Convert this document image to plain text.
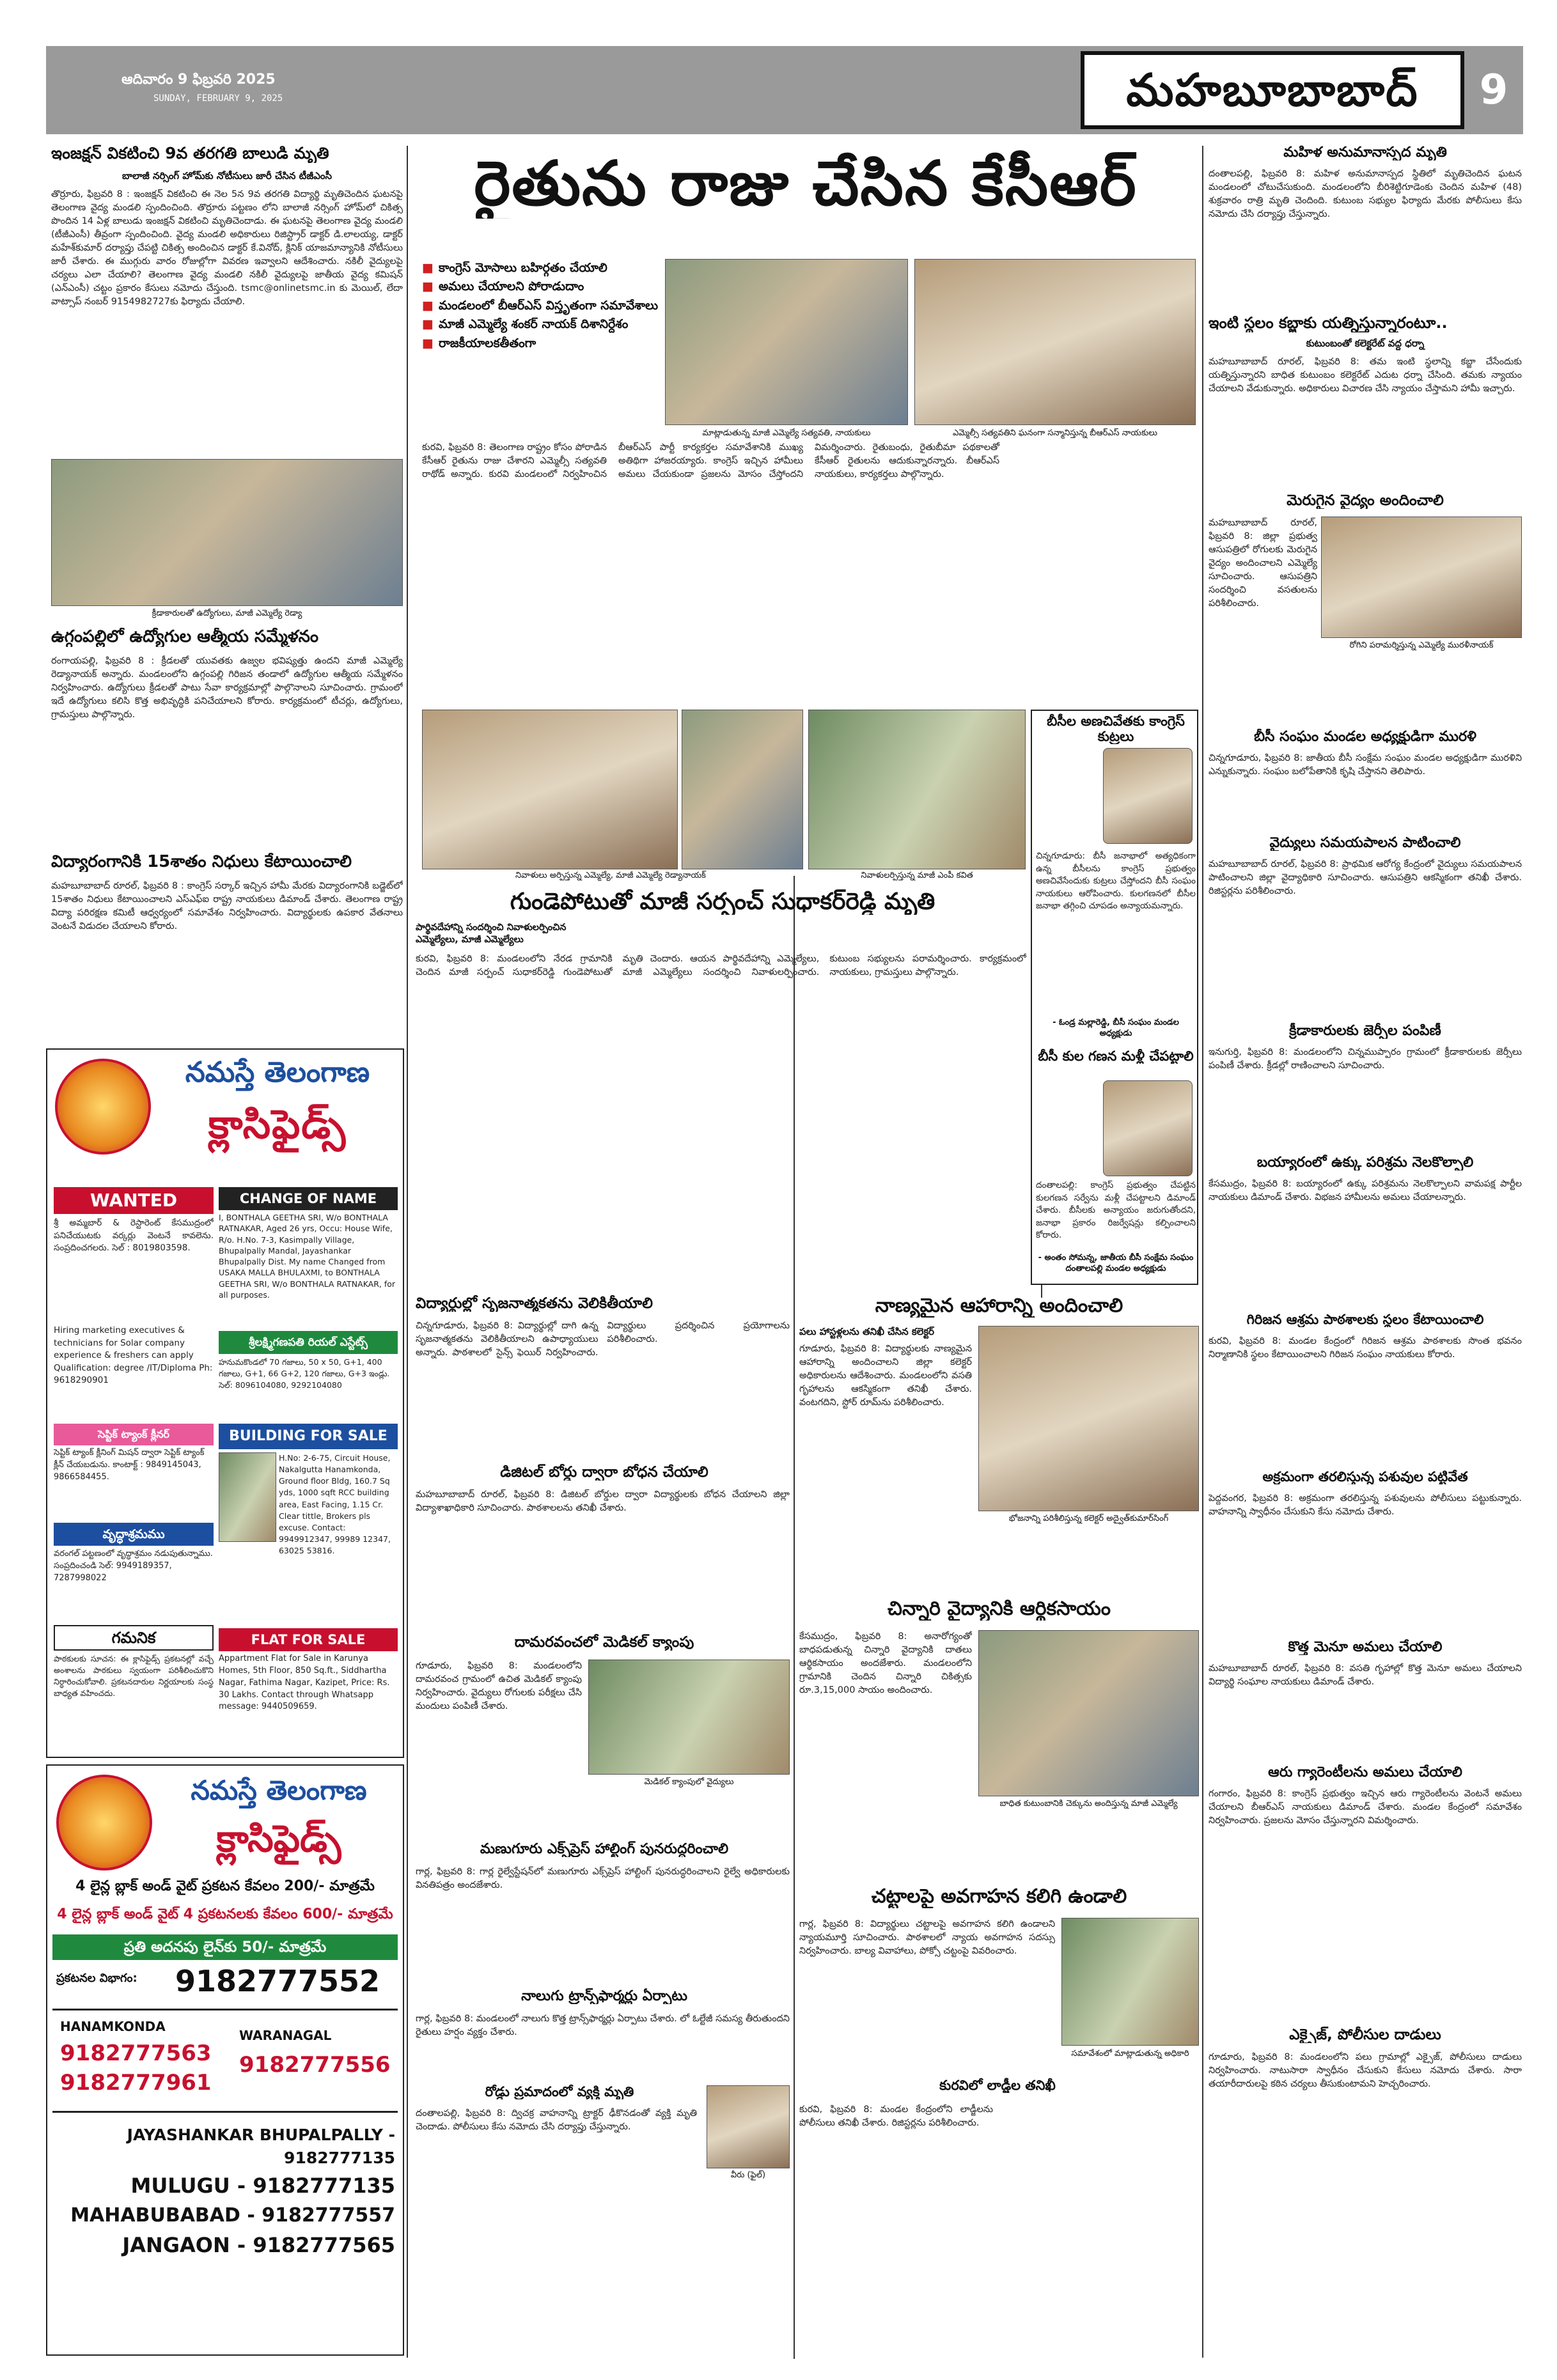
ఆదివారం 9 ఫిబ్రవరి 2025
SUNDAY, FEBRUARY 9, 2025	మహబూబాబాద్	9
ఇంజక్షన్ వికటించి 9వ తరగతి బాలుడి మృతి
బాలాజీ నర్సింగ్ హోమ్‌కు నోటీసులు జారీ చేసిన టీజీఎంసీ
తొర్రూరు, ఫిబ్రవరి 8 : ఇంజక్షన్ వికటించి ఈ నెల 5న 9వ తరగతి విద్యార్థి మృతిచెందిన ఘటనపై తెలంగాణ వైద్య మండలి స్పందించింది. తొర్రూరు పట్టణం లోని బాలాజీ నర్సింగ్ హోమ్‌లో చికిత్స పొందిన 14 ఏళ్ల బాలుడు ఇంజక్షన్ వికటించి మృతిచెందాడు. ఈ ఘటనపై తెలంగాణ వైద్య మండలి (టీజీఎంసీ) తీవ్రంగా స్పందించింది. వైద్య మండలి అధికారులు రిజిస్ట్రార్ డాక్టర్ డి.లాలయ్య, డాక్టర్ మహేశ్‌కుమార్ దర్యాప్తు చేపట్టి చికిత్స అందించిన డాక్టర్ కే.వినోద్, క్లినిక్ యాజమాన్యానికి నోటీసులు జారీ చేశారు. ఈ ముగ్గురు వారం రోజుల్లోగా వివరణ ఇవ్వాలని ఆదేశించారు. నకిలీ వైద్యులపై చర్యలు ఎలా చేయాలి? తెలంగాణ వైద్య మండలి నకిలీ వైద్యులపై జాతీయ వైద్య కమిషన్ (ఎన్‌ఎంసీ) చట్టం ప్రకారం కేసులు నమోదు చేస్తుంది. tsmc@onlinetsmc.in కు మెయిల్, లేదా వాట్సాప్ నంబర్ 9154982727కు ఫిర్యాదు చేయాలి.
క్రీడాకారులతో ఉద్యోగులు, మాజీ ఎమ్మెల్యే రెడ్యా
ఉగ్గంపల్లిలో ఉద్యోగుల ఆత్మీయ సమ్మేళనం
రంగాయపల్లి, ఫిబ్రవరి 8 : క్రీడలతో యువతకు ఉజ్వల భవిష్యత్తు ఉందని మాజీ ఎమ్మెల్యే రెడ్యానాయక్ అన్నారు. మండలంలోని ఉగ్గంపల్లి గిరిజన తండాలో ఉద్యోగుల ఆత్మీయ సమ్మేళనం నిర్వహించారు. ఉద్యోగులు క్రీడలతో పాటు సేవా కార్యక్రమాల్లో పాల్గొనాలని సూచించారు. గ్రామంలో ఇదే ఉద్యోగులు కలిసి కొత్త అభివృద్ధికి పనిచేయాలని కోరారు. కార్యక్రమంలో టీచర్లు, ఉద్యోగులు, గ్రామస్తులు పాల్గొన్నారు.
విద్యారంగానికి 15శాతం నిధులు కేటాయించాలి
మహబూబాబాద్ రూరల్, ఫిబ్రవరి 8 : కాంగ్రెస్ సర్కార్ ఇచ్చిన హామీ మేరకు విద్యారంగానికి బడ్జెట్‌లో 15శాతం నిధులు కేటాయించాలని ఎస్‌ఎఫ్‌ఐ రాష్ట్ర నాయకులు డిమాండ్ చేశారు. తెలంగాణ రాష్ట్ర విద్యా పరిరక్షణ కమిటీ ఆధ్వర్యంలో సమావేశం నిర్వహించారు. విద్యార్థులకు ఉపకార వేతనాలు వెంటనే విడుదల చేయాలని కోరారు.
నమస్తే తెలంగాణ
క్లాసిఫైడ్స్
WANTED
శ్రీ అమ్మబార్ & రెస్టారెంట్ కేసముద్రంలో పనిచేయుటకు వర్కర్లు వెంటనే కావలెను. సంప్రదించగలరు. సెల్ : 8019803598.
Hiring marketing executives & technicians for Solar company experience & freshers can apply Qualification: degree /IT/Diploma Ph: 9618290901
CHANGE OF NAME
I, BONTHALA GEETHA SRI, W/o BONTHALA RATNAKAR, Aged 26 yrs, Occu: House Wife, R/o. H.No. 7-3, Kasimpally Village, Bhupalpally Mandal, Jayashankar Bhupalpally Dist. My name Changed from USAKA MALLA BHULAXMI, to BONTHALA GEETHA SRI, W/o BONTHALA RATNAKAR, for all purposes.
శ్రీలక్ష్మిగణపతి రియల్ ఎస్టేట్స్
హనుమకొండలో 70 గజాలు, 50 x 50, G+1, 400 గజాలు, G+1, 66 G+2, 120 గజాలు, G+3 ఇండ్లు. సెల్: 8096104080, 9292104080
సెప్టిక్ ట్యాంక్ క్లీనర్
సెప్టిక్ ట్యాంక్ క్లీనింగ్ మిషన్ ద్వారా సెప్టిక్ ట్యాంక్ క్లీన్ చేయబడును. కాంటాక్ట్ : 9849145043, 9866584455.
వృద్ధాశ్రమము
వరంగల్ పట్టణంలో వృద్ధాశ్రమం నడుపుతున్నాము. సంప్రదించండి సెల్: 9949189357, 7287998022
BUILDING FOR SALE
H.No: 2-6-75, Circuit House, Nakalgutta Hanamkonda, Ground floor Bldg, 160.7 Sq yds, 1000 sqft RCC building area, East Facing, 1.15 Cr. Clear tittle, Brokers pls excuse. Contact: 9949912347, 99989 12347, 63025 53816.
గమనిక
పాఠకులకు సూచన: ఈ క్లాసిఫైడ్స్ ప్రకటనల్లో వచ్చే అంశాలను పాఠకులు స్వయంగా పరిశీలించుకొని నిర్ధారించుకోవాలి. ప్రకటనదారుల నిర్ణయాలకు సంస్థ బాధ్యత వహించదు.
FLAT FOR SALE
Appartment Flat for Sale in Karunya Homes, 5th Floor, 850 Sq.ft., Siddhartha Nagar, Fathima Nagar, Kazipet, Price: Rs. 30 Lakhs. Contact through Whatsapp message: 9440509659.
నమస్తే తెలంగాణ
క్లాసిఫైడ్స్
4 లైన్ల బ్లాక్ అండ్ వైట్ ప్రకటన కేవలం 200/- మాత్రమే
4 లైన్ల బ్లాక్ అండ్ వైట్ 4 ప్రకటనలకు కేవలం 600/- మాత్రమే
ప్రతి అదనపు లైన్‌కు 50/- మాత్రమే
ప్రకటనల విభాగం: 9182777552
HANAMKONDA
9182777563
9182777961
WARANAGAL
9182777556
JAYASHANKAR BHUPALPALLY - 9182777135
MULUGU - 9182777135
MAHABUBABAD - 9182777557
JANGAON - 9182777565
రైతును రాజు చేసిన కేసీఆర్
■ కాంగ్రెస్ మోసాలు బహిర్గతం చేయాలి
■ అమలు చేయాలని పోరాడుదాం
■ మండలంలో బీఆర్‌ఎస్ విస్తృతంగా సమావేశాలు
■ మాజీ ఎమ్మెల్యే శంకర్ నాయక్ దిశానిర్దేశం
■ రాజకీయాలకతీతంగా
మాట్లాడుతున్న మాజీ ఎమ్మెల్యే సత్యవతి, నాయకులు	ఎమ్మెల్సీ సత్యవతిని ఘనంగా సన్మానిస్తున్న బీఆర్‌ఎస్ నాయకులు
కురవి, ఫిబ్రవరి 8: తెలంగాణ రాష్ట్రం కోసం పోరాడిన కేసీఆర్ రైతును రాజు చేశారని ఎమ్మెల్సీ సత్యవతి రాథోడ్ అన్నారు. కురవి మండలంలో నిర్వహించిన బీఆర్‌ఎస్ పార్టీ కార్యకర్తల సమావేశానికి ముఖ్య అతిథిగా హాజరయ్యారు. కాంగ్రెస్ ఇచ్చిన హామీలు అమలు చేయకుండా ప్రజలను మోసం చేస్తోందని విమర్శించారు. రైతుబంధు, రైతుబీమా పథకాలతో కేసీఆర్ రైతులను ఆదుకున్నారన్నారు. బీఆర్‌ఎస్ నాయకులు, కార్యకర్తలు పాల్గొన్నారు.
నివాళులు అర్పిస్తున్న ఎమ్మెల్యే, మాజీ ఎమ్మెల్యే రెడ్యానాయక్	నివాళులర్పిస్తున్న మాజీ ఎంపీ కవిత
బీసీల అణచివేతకు కాంగ్రెస్ కుట్రలు
చిన్నగూడూరు: బీసీ జనాభాలో అత్యధికంగా ఉన్న బీసీలను కాంగ్రెస్ ప్రభుత్వం అణచివేసేందుకు కుట్రలు చేస్తోందని బీసీ సంఘం నాయకులు ఆరోపించారు. కులగణనలో బీసీల జనాభా తగ్గించి చూపడం అన్యాయమన్నారు.
- ఓండ్ర మల్లారెడ్డి, బీసీ సంఘం మండల అధ్యక్షుడు
బీసీ కుల గణన మళ్లీ చేపట్టాలి
దంతాలపల్లి: కాంగ్రెస్ ప్రభుత్వం చేపట్టిన కులగణన సర్వేను మళ్లీ చేపట్టాలని డిమాండ్ చేశారు. బీసీలకు అన్యాయం జరుగుతోందని, జనాభా ప్రకారం రిజర్వేషన్లు కల్పించాలని కోరారు.
- అంతం సోమన్న, జాతీయ బీసీ సంక్షేమ సంఘం దంతాలపల్లి మండల అధ్యక్షుడు
గుండెపోటుతో మాజీ సర్పంచ్ సుధాకర్‌రెడ్డి మృతి
పార్థివదేహాన్ని సందర్శించి నివాళులర్పించిన ఎమ్మెల్యేలు, మాజీ ఎమ్మెల్యేలు
కురవి, ఫిబ్రవరి 8: మండలంలోని నేరడ గ్రామానికి చెందిన మాజీ సర్పంచ్ సుధాకర్‌రెడ్డి గుండెపోటుతో మృతి చెందారు. ఆయన పార్థివదేహాన్ని ఎమ్మెల్యేలు, మాజీ ఎమ్మెల్యేలు సందర్శించి నివాళులర్పించారు. కుటుంబ సభ్యులను పరామర్శించారు. కార్యక్రమంలో నాయకులు, గ్రామస్తులు పాల్గొన్నారు.
విద్యార్థుల్లో సృజనాత్మకతను వెలికితీయాలి
చిన్నగూడూరు, ఫిబ్రవరి 8: విద్యార్థుల్లో దాగి ఉన్న సృజనాత్మకతను వెలికితీయాలని ఉపాధ్యాయులు అన్నారు. పాఠశాలలో సైన్స్ ఫెయిర్ నిర్వహించారు. విద్యార్థులు ప్రదర్శించిన ప్రయోగాలను పరిశీలించారు.
డిజిటల్ బోర్డు ద్వారా బోధన చేయాలి
మహబూబాబాద్ రూరల్, ఫిబ్రవరి 8: డిజిటల్ బోర్డుల ద్వారా విద్యార్థులకు బోధన చేయాలని జిల్లా విద్యాశాఖాధికారి సూచించారు. పాఠశాలలను తనిఖీ చేశారు.
దామరవంచలో మెడికల్ క్యాంపు
గూడూరు, ఫిబ్రవరి 8: మండలంలోని దామరవంచ గ్రామంలో ఉచిత మెడికల్ క్యాంపు నిర్వహించారు. వైద్యులు రోగులకు పరీక్షలు చేసి మందులు పంపిణీ చేశారు.
మెడికల్ క్యాంపులో వైద్యులు
మణుగూరు ఎక్స్‌ప్రెస్ హాల్టింగ్ పునరుద్ధరించాలి
గార్ల, ఫిబ్రవరి 8: గార్ల రైల్వేస్టేషన్‌లో మణుగూరు ఎక్స్‌ప్రెస్ హాల్టింగ్ పునరుద్ధరించాలని రైల్వే అధికారులకు వినతిపత్రం అందజేశారు.
నాలుగు ట్రాన్స్‌ఫార్మర్లు ఏర్పాటు
గార్ల, ఫిబ్రవరి 8: మండలంలో నాలుగు కొత్త ట్రాన్స్‌ఫార్మర్లు ఏర్పాటు చేశారు. లో ఓల్టేజీ సమస్య తీరుతుందని రైతులు హర్షం వ్యక్తం చేశారు.
రోడ్డు ప్రమాదంలో వ్యక్తి మృతి
దంతాలపల్లి, ఫిబ్రవరి 8: ద్విచక్ర వాహనాన్ని ట్రాక్టర్ ఢీకొనడంతో వ్యక్తి మృతి చెందాడు. పోలీసులు కేసు నమోదు చేసి దర్యాప్తు చేస్తున్నారు.
వీరు (ఫైల్)
నాణ్యమైన ఆహారాన్ని అందించాలి
పలు హాస్టళ్లలను తనిఖీ చేసిన కలెక్టర్
గూడూరు, ఫిబ్రవరి 8: విద్యార్థులకు నాణ్యమైన ఆహారాన్ని అందించాలని జిల్లా కలెక్టర్ అధికారులను ఆదేశించారు. మండలంలోని వసతి గృహాలను ఆకస్మికంగా తనిఖీ చేశారు. వంటగదిని, స్టోర్ రూమ్‌ను పరిశీలించారు.
భోజనాన్ని పరిశీలిస్తున్న కలెక్టర్ అద్వైత్‌కుమార్‌సింగ్
చిన్నారి వైద్యానికి ఆర్థికసాయం
కేసముద్రం, ఫిబ్రవరి 8: అనారోగ్యంతో బాధపడుతున్న చిన్నారి వైద్యానికి దాతలు ఆర్థికసాయం అందజేశారు. మండలంలోని గ్రామానికి చెందిన చిన్నారి చికిత్సకు రూ.3,15,000 సాయం అందించారు.
బాధిత కుటుంబానికి చెక్కును అందిస్తున్న మాజీ ఎమ్మెల్యే
చట్టాలపై అవగాహన కలిగి ఉండాలి
గార్ల, ఫిబ్రవరి 8: విద్యార్థులు చట్టాలపై అవగాహన కలిగి ఉండాలని న్యాయమూర్తి సూచించారు. పాఠశాలలో న్యాయ అవగాహన సదస్సు నిర్వహించారు. బాల్య వివాహాలు, పోక్సో చట్టంపై వివరించారు.
సమావేశంలో మాట్లాడుతున్న అధికారి
కురవిలో లాడ్జీల తనిఖీ
కురవి, ఫిబ్రవరి 8: మండల కేంద్రంలోని లాడ్జీలను పోలీసులు తనిఖీ చేశారు. రిజిస్టర్లను పరిశీలించారు.
మహిళ అనుమానాస్పద మృతి
దంతాలపల్లి, ఫిబ్రవరి 8: మహిళ అనుమానాస్పద స్థితిలో మృతిచెందిన ఘటన మండలంలో చోటుచేసుకుంది. మండలంలోని బీరిశెట్టిగూడెంకు చెందిన మహిళ (48) శుక్రవారం రాత్రి మృతి చెందింది. కుటుంబ సభ్యుల ఫిర్యాదు మేరకు పోలీసులు కేసు నమోదు చేసి దర్యాప్తు చేస్తున్నారు.
ఇంటి స్థలం కబ్జాకు యత్నిస్తున్నారంటూ..
కుటుంబంతో కలెక్టరేట్ వద్ద ధర్నా
మహబూబాబాద్ రూరల్, ఫిబ్రవరి 8: తమ ఇంటి స్థలాన్ని కబ్జా చేసేందుకు యత్నిస్తున్నారని బాధిత కుటుంబం కలెక్టరేట్ ఎదుట ధర్నా చేసింది. తమకు న్యాయం చేయాలని వేడుకున్నారు. అధికారులు విచారణ చేసి న్యాయం చేస్తామని హామీ ఇచ్చారు.
మెరుగైన వైద్యం అందించాలి
మహబూబాబాద్ రూరల్, ఫిబ్రవరి 8: జిల్లా ప్రభుత్వ ఆసుపత్రిలో రోగులకు మెరుగైన వైద్యం అందించాలని ఎమ్మెల్యే సూచించారు. ఆసుపత్రిని సందర్శించి వసతులను పరిశీలించారు.
రోగిని పరామర్శిస్తున్న ఎమ్మెల్యే మురళీనాయక్
బీసీ సంఘం మండల అధ్యక్షుడిగా మురళి
చిన్నగూడూరు, ఫిబ్రవరి 8: జాతీయ బీసీ సంక్షేమ సంఘం మండల అధ్యక్షుడిగా మురళిని ఎన్నుకున్నారు. సంఘం బలోపేతానికి కృషి చేస్తానని తెలిపారు.
వైద్యులు సమయపాలన పాటించాలి
మహబూబాబాద్ రూరల్, ఫిబ్రవరి 8: ప్రాథమిక ఆరోగ్య కేంద్రంలో వైద్యులు సమయపాలన పాటించాలని జిల్లా వైద్యాధికారి సూచించారు. ఆసుపత్రిని ఆకస్మికంగా తనిఖీ చేశారు. రిజిస్టర్లను పరిశీలించారు.
క్రీడాకారులకు జెర్సీల పంపిణీ
ఇనుగుర్తి, ఫిబ్రవరి 8: మండలంలోని చిన్నముప్పారం గ్రామంలో క్రీడాకారులకు జెర్సీలు పంపిణీ చేశారు. క్రీడల్లో రాణించాలని సూచించారు.
బయ్యారంలో ఉక్కు పరిశ్రమ నెలకొల్పాలి
కేసముద్రం, ఫిబ్రవరి 8: బయ్యారంలో ఉక్కు పరిశ్రమను నెలకొల్పాలని వామపక్ష పార్టీల నాయకులు డిమాండ్ చేశారు. విభజన హామీలను అమలు చేయాలన్నారు.
గిరిజన ఆశ్రమ పాఠశాలకు స్థలం కేటాయించాలి
కురవి, ఫిబ్రవరి 8: మండల కేంద్రంలో గిరిజన ఆశ్రమ పాఠశాలకు సొంత భవనం నిర్మాణానికి స్థలం కేటాయించాలని గిరిజన సంఘం నాయకులు కోరారు.
అక్రమంగా తరలిస్తున్న పశువుల పట్టివేత
పెద్దవంగర, ఫిబ్రవరి 8: అక్రమంగా తరలిస్తున్న పశువులను పోలీసులు పట్టుకున్నారు. వాహనాన్ని స్వాధీనం చేసుకుని కేసు నమోదు చేశారు.
కొత్త మెనూ అమలు చేయాలి
మహబూబాబాద్ రూరల్, ఫిబ్రవరి 8: వసతి గృహాల్లో కొత్త మెనూ అమలు చేయాలని విద్యార్థి సంఘాల నాయకులు డిమాండ్ చేశారు.
ఆరు గ్యారెంటీలను అమలు చేయాలి
గంగారం, ఫిబ్రవరి 8: కాంగ్రెస్ ప్రభుత్వం ఇచ్చిన ఆరు గ్యారెంటీలను వెంటనే అమలు చేయాలని బీఆర్‌ఎస్ నాయకులు డిమాండ్ చేశారు. మండల కేంద్రంలో సమావేశం నిర్వహించారు. ప్రజలను మోసం చేస్తున్నారని విమర్శించారు.
ఎక్సైజ్, పోలీసుల దాడులు
గూడూరు, ఫిబ్రవరి 8: మండలంలోని పలు గ్రామాల్లో ఎక్సైజ్, పోలీసులు దాడులు నిర్వహించారు. నాటుసారా స్వాధీనం చేసుకుని కేసులు నమోదు చేశారు. సారా తయారీదారులపై కఠిన చర్యలు తీసుకుంటామని హెచ్చరించారు.
